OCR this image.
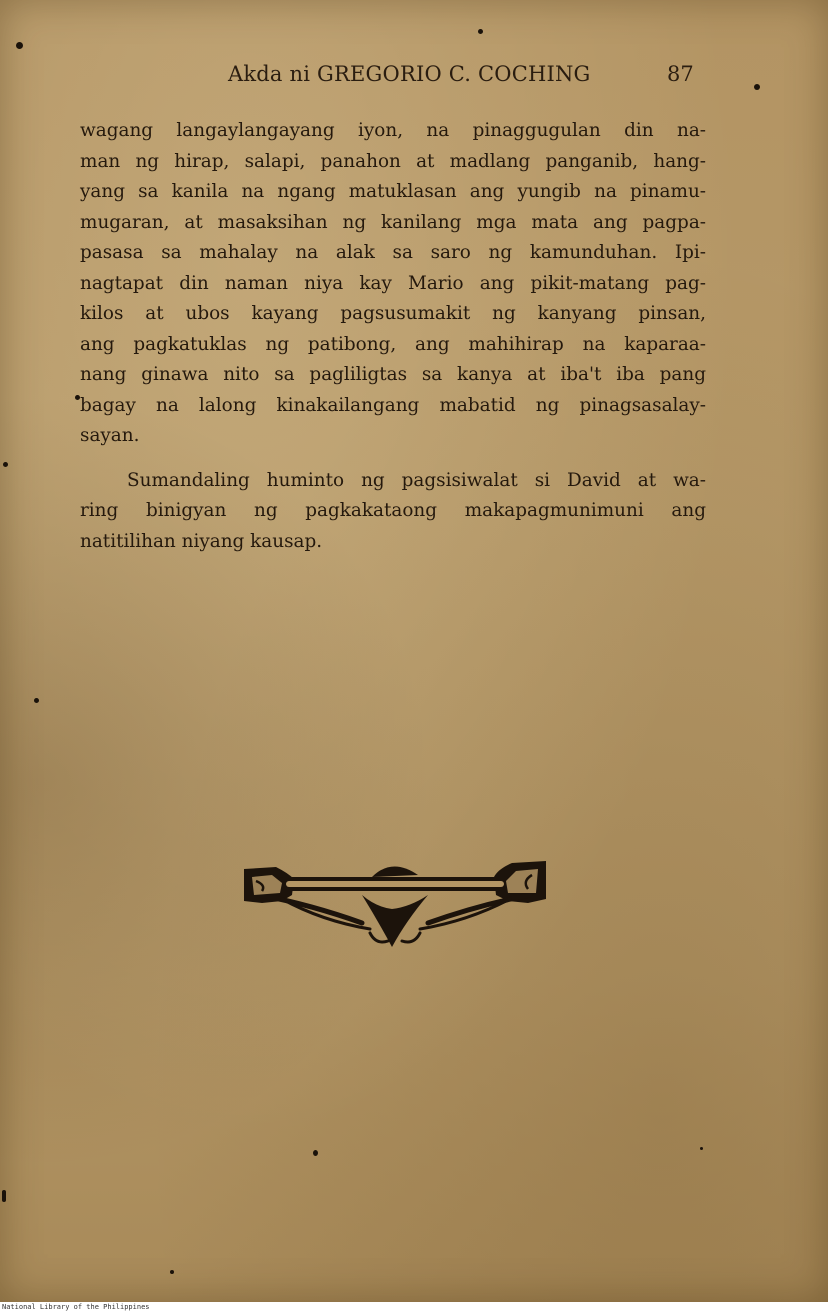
Akda ni GREGORIO C. COCHING	87
wagang langaylangayang iyon, na pinaggugulan din na-
man ng hirap, salapi, panahon at madlang panganib, hang-
yang sa kanila na ngang matuklasan ang yungib na pinamu-
mugaran, at masaksihan ng kanilang mga mata ang pagpa-
pasasa sa mahalay na alak sa saro ng kamunduhan. Ipi-
nagtapat din naman niya kay Mario ang pikit-matang pag-
kilos at ubos kayang pagsusumakit ng kanyang pinsan,
ang pagkatuklas ng patibong, ang mahihirap na kaparaa-
nang ginawa nito sa pagliligtas sa kanya at iba't iba pang
bagay na lalong kinakailangang mabatid ng pinagsasalay-
sayan.
Sumandaling huminto ng pagsisiwalat si David at wa-
ring binigyan ng pagkakataong makapagmunimuni ang
natitilihan niyang kausap.
National Library of the Philippines
